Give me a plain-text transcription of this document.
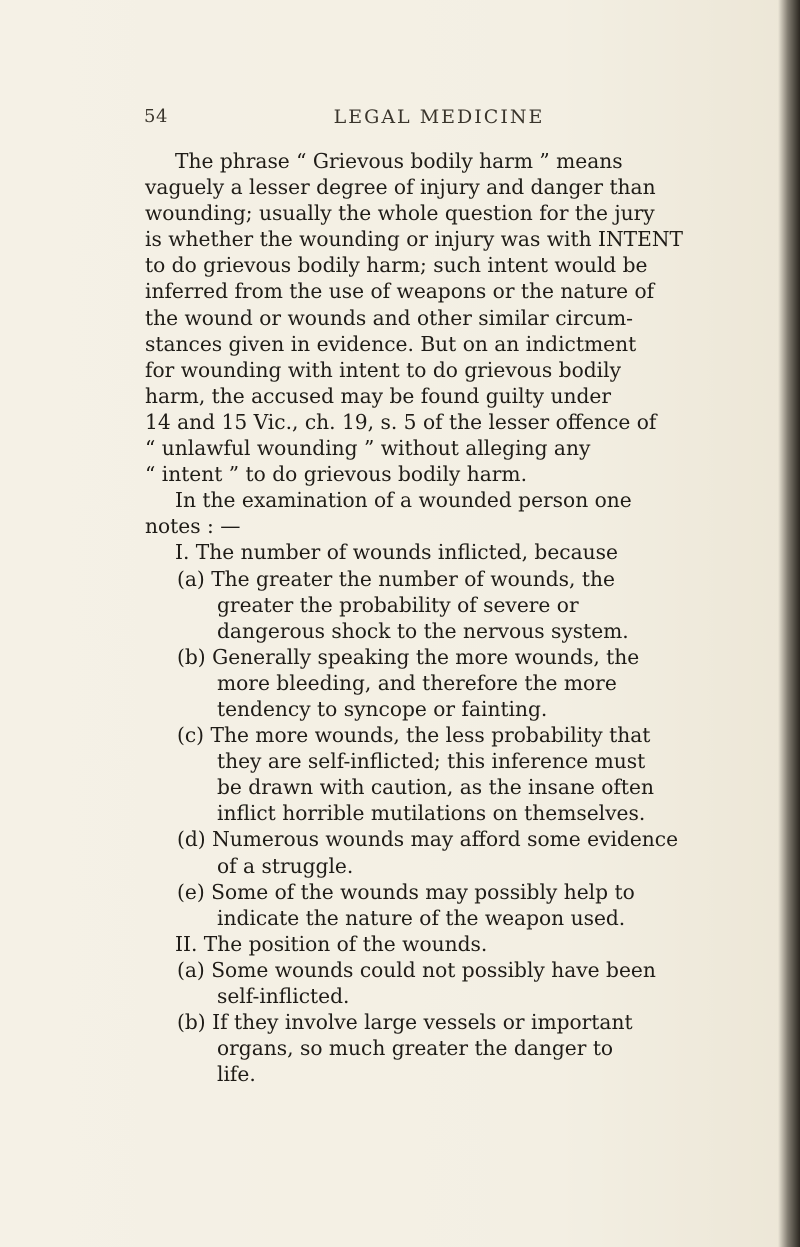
54	LEGAL MEDICINE
The phrase “ Grievous bodily harm ” means
vaguely a lesser degree of injury and danger than
wounding; usually the whole question for the jury
is whether the wounding or injury was with INTENT
to do grievous bodily harm; such intent would be
inferred from the use of weapons or the nature of
the wound or wounds and other similar circum-
stances given in evidence. But on an indictment
for wounding with intent to do grievous bodily
harm, the accused may be found guilty under
14 and 15 Vic., ch. 19, s. 5 of the lesser offence of
“ unlawful wounding ” without alleging any
“ intent ” to do grievous bodily harm.
In the examination of a wounded person one
notes : —
I. The number of wounds inflicted, because
(a) The greater the number of wounds, the
greater the probability of severe or
dangerous shock to the nervous system.
(b) Generally speaking the more wounds, the
more bleeding, and therefore the more
tendency to syncope or fainting.
(c) The more wounds, the less probability that
they are self-inflicted; this inference must
be drawn with caution, as the insane often
inflict horrible mutilations on themselves.
(d) Numerous wounds may afford some evidence
of a struggle.
(e) Some of the wounds may possibly help to
indicate the nature of the weapon used.
II. The position of the wounds.
(a) Some wounds could not possibly have been
self-inflicted.
(b) If they involve large vessels or important
organs, so much greater the danger to
life.
